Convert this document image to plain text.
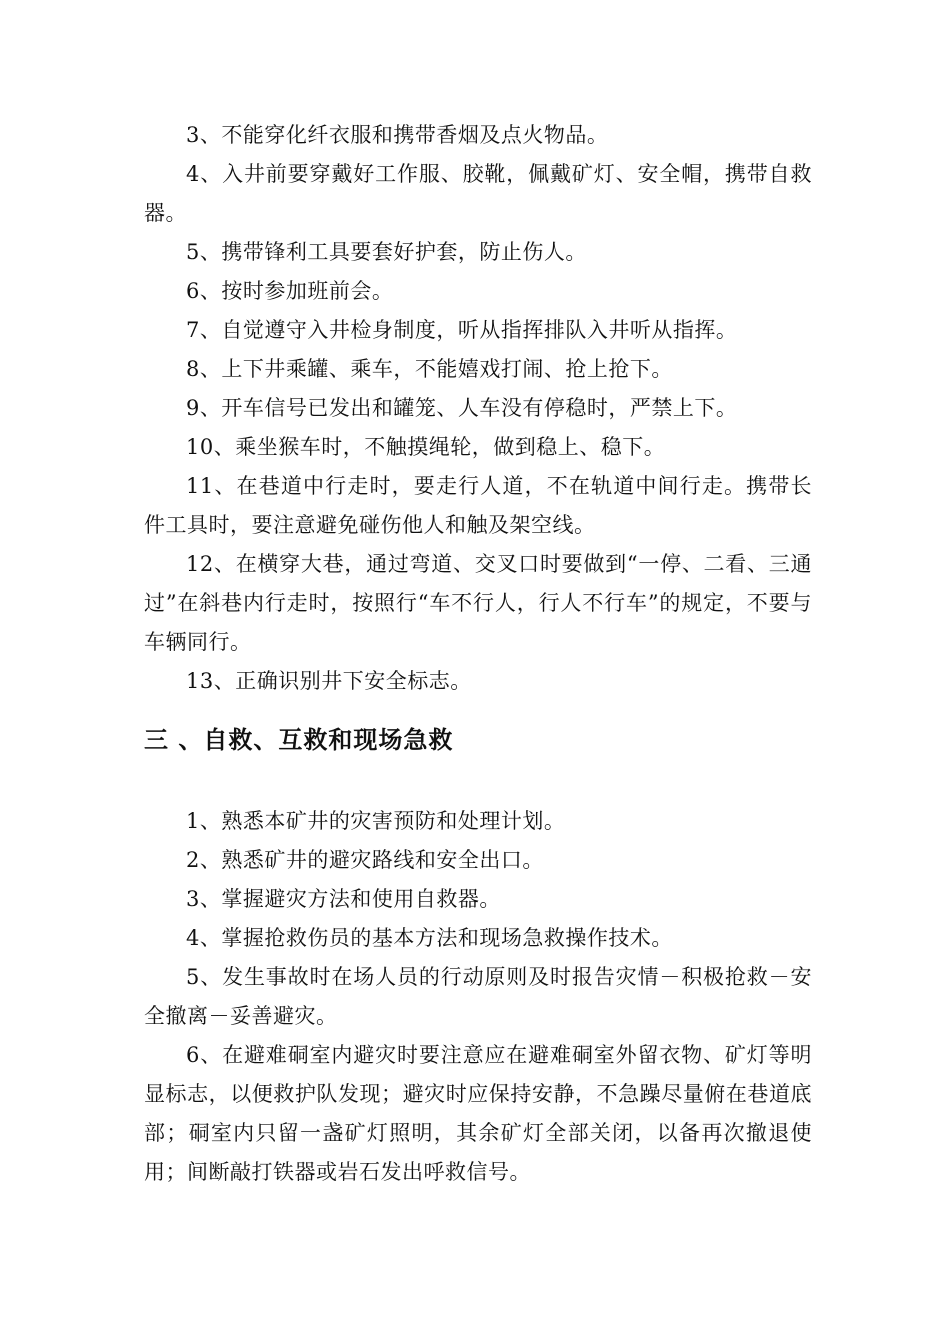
3、不能穿化纤衣服和携带香烟及点火物品。

4、入井前要穿戴好工作服、胶靴，佩戴矿灯、安全帽，携带自救器。

5、携带锋利工具要套好护套，防止伤人。

6、按时参加班前会。

7、自觉遵守入井检身制度，听从指挥排队入井听从指挥。

8、上下井乘罐、乘车，不能嬉戏打闹、抢上抢下。

9、开车信号已发出和罐笼、人车没有停稳时，严禁上下。

10、乘坐猴车时，不触摸绳轮，做到稳上、稳下。

11、在巷道中行走时，要走行人道，不在轨道中间行走。携带长件工具时，要注意避免碰伤他人和触及架空线。

12、在横穿大巷，通过弯道、交叉口时要做到“一停、二看、三通过”在斜巷内行走时，按照行“车不行人，行人不行车”的规定，不要与车辆同行。

13、正确识别井下安全标志。

三 、自救、互救和现场急救

1、熟悉本矿井的灾害预防和处理计划。

2、熟悉矿井的避灾路线和安全出口。

3、掌握避灾方法和使用自救器。

4、掌握抢救伤员的基本方法和现场急救操作技术。

5、发生事故时在场人员的行动原则及时报告灾情－积极抢救－安全撤离－妥善避灾。

6、在避难硐室内避灾时要注意应在避难硐室外留衣物、矿灯等明显标志，以便救护队发现；避灾时应保持安静，不急躁尽量俯在巷道底部；硐室内只留一盏矿灯照明，其余矿灯全部关闭，以备再次撤退使用；间断敲打铁器或岩石发出呼救信号。
